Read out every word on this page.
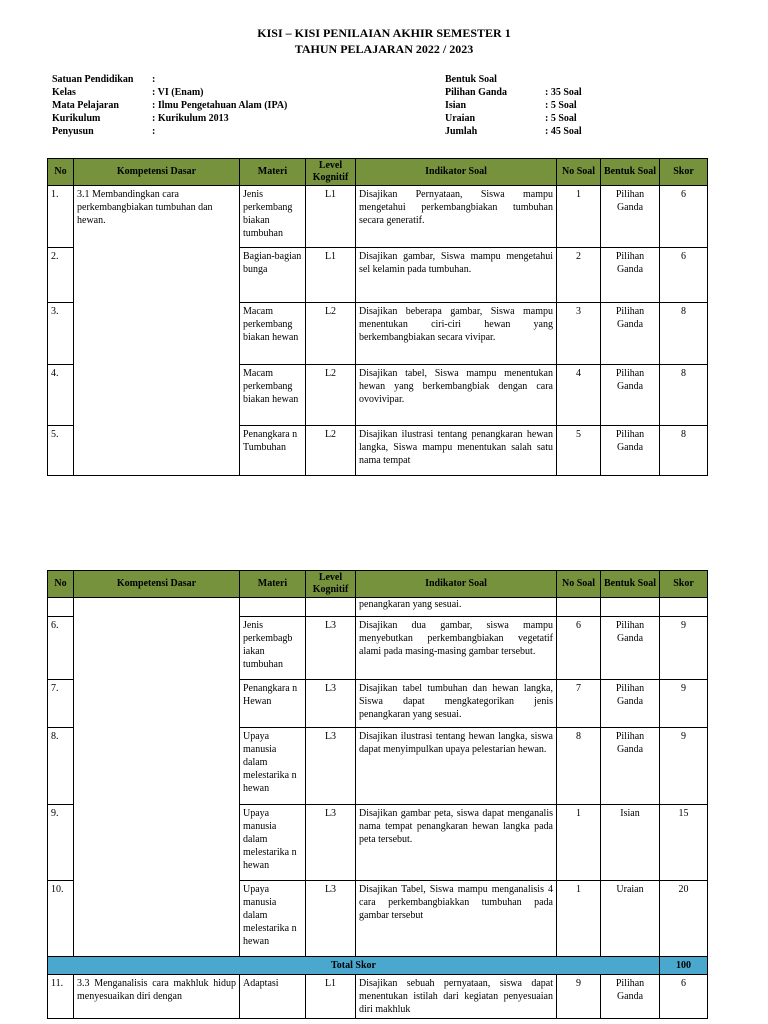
KISI – KISI PENILAIAN AKHIR SEMESTER 1
TAHUN PELAJARAN 2022 / 2023
Satuan Pendidikan	:
Kelas	: VI (Enam)
Mata Pelajaran	: Ilmu Pengetahuan Alam (IPA)
Kurikulum	: Kurikulum 2013
Penyusun	:
Bentuk Soal
Pilihan Ganda	: 35 Soal
Isian	: 5 Soal
Uraian	: 5 Soal
Jumlah	: 45 Soal
No	Kompetensi Dasar	Materi	Level Kognitif	Indikator Soal	No Soal	Bentuk Soal	Skor
1.	3.1 Membandingkan cara perkembangbiakan tumbuhan dan hewan.	Jenis perkembang biakan tumbuhan	L1	Disajikan Pernyataan, Siswa mampu mengetahui perkembangbiakan tumbuhan secara generatif.	1	Pilihan Ganda	6
2.		Bagian-bagian bunga	L1	Disajikan gambar, Siswa mampu mengetahui sel kelamin pada tumbuhan.	2	Pilihan Ganda	6
3.		Macam perkembang biakan hewan	L2	Disajikan beberapa gambar, Siswa mampu menentukan ciri-ciri hewan yang berkembangbiakan secara vivipar.	3	Pilihan Ganda	8
4.		Macam perkembang biakan hewan	L2	Disajikan tabel, Siswa mampu menentukan hewan yang berkembangbiak dengan cara ovovivipar.	4	Pilihan Ganda	8
5.		Penangkara n Tumbuhan	L2	Disajikan ilustrasi tentang penangkaran hewan langka, Siswa mampu menentukan salah satu nama tempat	5	Pilihan Ganda	8
No	Kompetensi Dasar	Materi	Level Kognitif	Indikator Soal	No Soal	Bentuk Soal	Skor
				penangkaran yang sesuai.			
6.		Jenis perkembagb iakan tumbuhan	L3	Disajikan dua gambar, siswa mampu menyebutkan perkembangbiakan vegetatif alami pada masing-masing gambar tersebut.	6	Pilihan Ganda	9
7.		Penangkara n Hewan	L3	Disajikan tabel tumbuhan dan hewan langka, Siswa dapat mengkategorikan jenis penangkaran yang sesuai.	7	Pilihan Ganda	9
8.		Upaya manusia dalam melestarika n hewan	L3	Disajikan ilustrasi tentang hewan langka, siswa dapat menyimpulkan upaya pelestarian hewan.	8	Pilihan Ganda	9
9.		Upaya manusia dalam melestarika n hewan	L3	Disajikan gambar peta, siswa dapat menganalis nama tempat penangkaran hewan langka pada peta tersebut.	1	Isian	15
10.		Upaya manusia dalam melestarika n hewan	L3	Disajikan Tabel, Siswa mampu menganalisis 4 cara perkembangbiakkan tumbuhan pada gambar tersebut	1	Uraian	20
Total Skor							100
11.	3.3 Menganalisis cara makhluk hidup menyesuaikan diri dengan	Adaptasi	L1	Disajikan sebuah pernyataan, siswa dapat menentukan istilah dari kegiatan penyesuaian diri makhluk	9	Pilihan Ganda	6
